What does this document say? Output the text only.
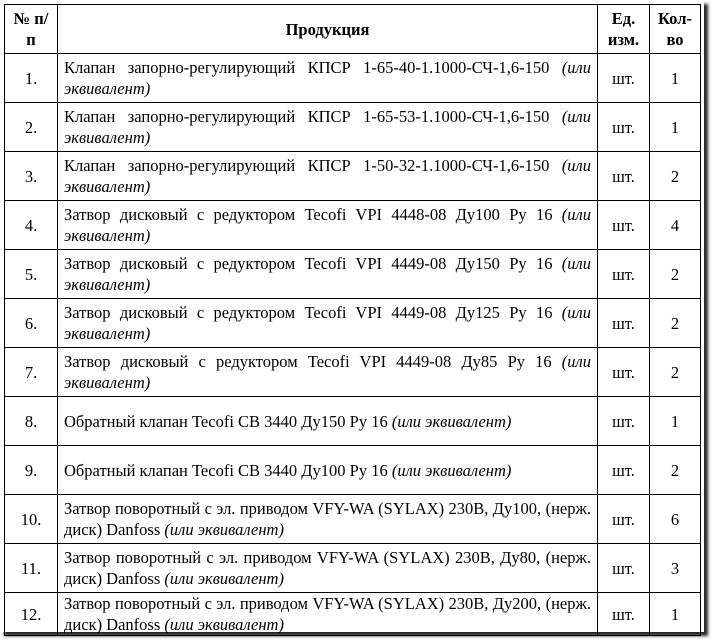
№ п/п	Продукция	Ед. изм.	Кол-во
1.	Клапан запорно-регулирующий КПСР 1-65-40-1.1000-СЧ-1,6-150 (или эквивалент)	шт.	1
2.	Клапан запорно-регулирующий КПСР 1-65-53-1.1000-СЧ-1,6-150 (или эквивалент)	шт.	1
3.	Клапан запорно-регулирующий КПСР 1-50-32-1.1000-СЧ-1,6-150 (или эквивалент)	шт.	2
4.	Затвор дисковый с редуктором Tecofi VPI 4448-08 Ду100 Ру 16 (или эквивалент)	шт.	4
5.	Затвор дисковый с редуктором Tecofi VPI 4449-08 Ду150 Ру 16 (или эквивалент)	шт.	2
6.	Затвор дисковый с редуктором Tecofi VPI 4449-08 Ду125 Ру 16 (или эквивалент)	шт.	2
7.	Затвор дисковый с редуктором Tecofi VPI 4449-08 Ду85 Ру 16 (или эквивалент)	шт.	2
8.	Обратный клапан Tecofi CB 3440 Ду150 Ру 16 (или эквивалент)	шт.	1
9.	Обратный клапан Tecofi CB 3440 Ду100 Ру 16 (или эквивалент)	шт.	2
10.	Затвор поворотный с эл. приводом VFY-WA (SYLAX) 230В, Ду100, (нерж. диск) Danfoss (или эквивалент)	шт.	6
11.	Затвор поворотный с эл. приводом VFY-WA (SYLAX) 230В, Ду80, (нерж. диск) Danfoss (или эквивалент)	шт.	3
12.	Затвор поворотный с эл. приводом VFY-WA (SYLAX) 230В, Ду200, (нерж. диск) Danfoss (или эквивалент)	шт.	1
